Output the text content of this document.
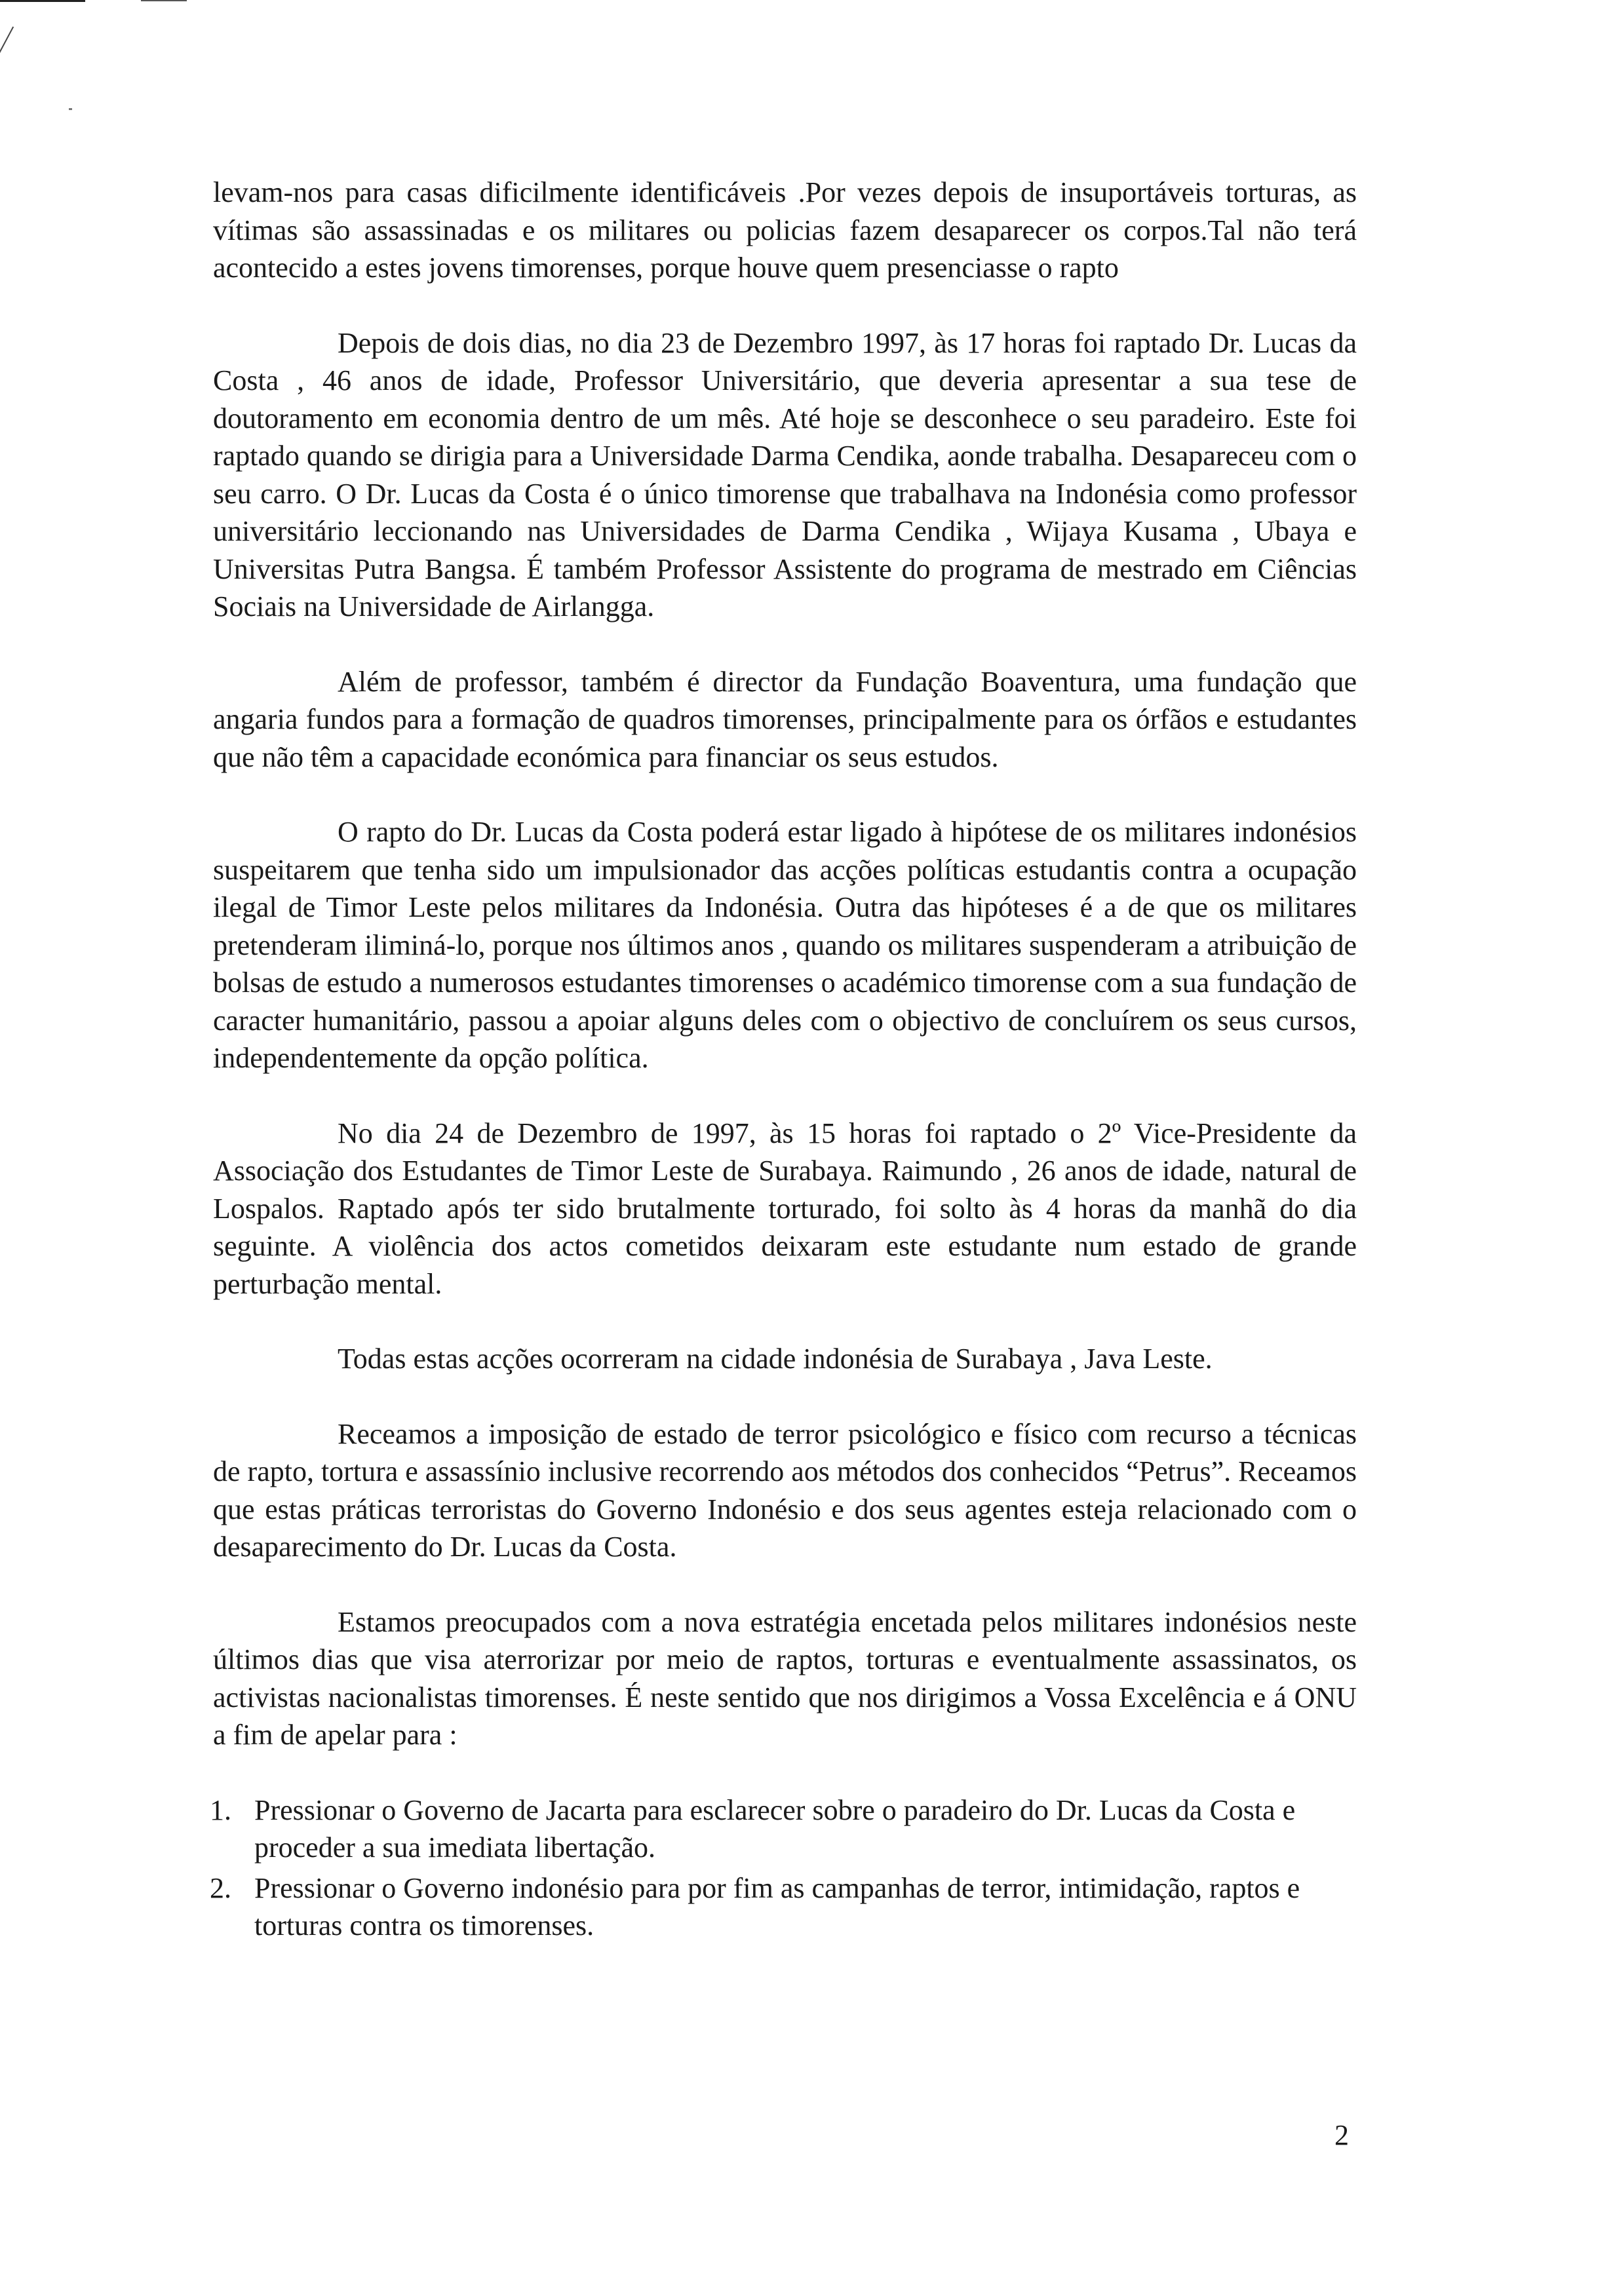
levam-nos para casas dificilmente identificáveis .Por vezes depois de insuportáveis torturas, as vítimas são assassinadas e os militares ou policias fazem desaparecer os corpos.Tal não terá acontecido a estes jovens timorenses, porque houve quem presenciasse o rapto

Depois de dois dias, no dia 23 de Dezembro 1997, às 17 horas foi raptado Dr. Lucas da Costa , 46 anos de idade, Professor Universitário, que deveria apresentar a sua tese de doutoramento em economia dentro de um mês. Até hoje se desconhece o seu paradeiro. Este foi raptado quando se dirigia para a Universidade Darma Cendika, aonde trabalha. Desapareceu com o seu carro. O Dr. Lucas da Costa é o único timorense que trabalhava na Indonésia como professor universitário leccionando nas Universidades de Darma Cendika , Wijaya Kusama , Ubaya e Universitas Putra Bangsa. É também Professor Assistente do programa de mestrado em Ciências Sociais na Universidade de Airlangga.

Além de professor, também é director da Fundação Boaventura, uma fundação que angaria fundos para a formação de quadros timorenses, principalmente para os órfãos e estudantes que não têm a capacidade económica para financiar os seus estudos.

O rapto do Dr. Lucas da Costa poderá estar ligado à hipótese de os militares indonésios suspeitarem que tenha sido um impulsionador das acções políticas estudantis contra a ocupação ilegal de Timor Leste pelos militares da Indonésia. Outra das hipóteses é a de que os militares pretenderam iliminá-lo, porque nos últimos anos , quando os militares suspenderam a atribuição de bolsas de estudo a numerosos estudantes timorenses o académico timorense com a sua fundação de caracter humanitário, passou a apoiar alguns deles com o objectivo de concluírem os seus cursos, independentemente da opção política.

No dia 24 de Dezembro de 1997, às 15 horas foi raptado o 2º Vice-Presidente da Associação dos Estudantes de Timor Leste de Surabaya. Raimundo , 26 anos de idade, natural de Lospalos. Raptado após ter sido brutalmente torturado, foi solto às 4 horas da manhã do dia seguinte. A violência dos actos cometidos deixaram este estudante num estado de grande perturbação mental.

Todas estas acções ocorreram na cidade indonésia de Surabaya , Java Leste.

Receamos a imposição de estado de terror psicológico e físico com recurso a técnicas de rapto, tortura e assassínio inclusive recorrendo aos métodos dos conhecidos “Petrus”. Receamos que estas práticas terroristas do Governo Indonésio e dos seus agentes esteja relacionado com o desaparecimento do Dr. Lucas da Costa.

Estamos preocupados com a nova estratégia encetada pelos militares indonésios neste últimos dias que visa aterrorizar por meio de raptos, torturas e eventualmente assassinatos, os activistas nacionalistas timorenses. É neste sentido que nos dirigimos a Vossa Excelência e á ONU a fim de apelar para :

1. Pressionar o Governo de Jacarta para esclarecer sobre o paradeiro do Dr. Lucas da Costa e proceder a sua imediata libertação.
2. Pressionar o Governo indonésio para por fim as campanhas de terror, intimidação, raptos e torturas contra os timorenses.
2
